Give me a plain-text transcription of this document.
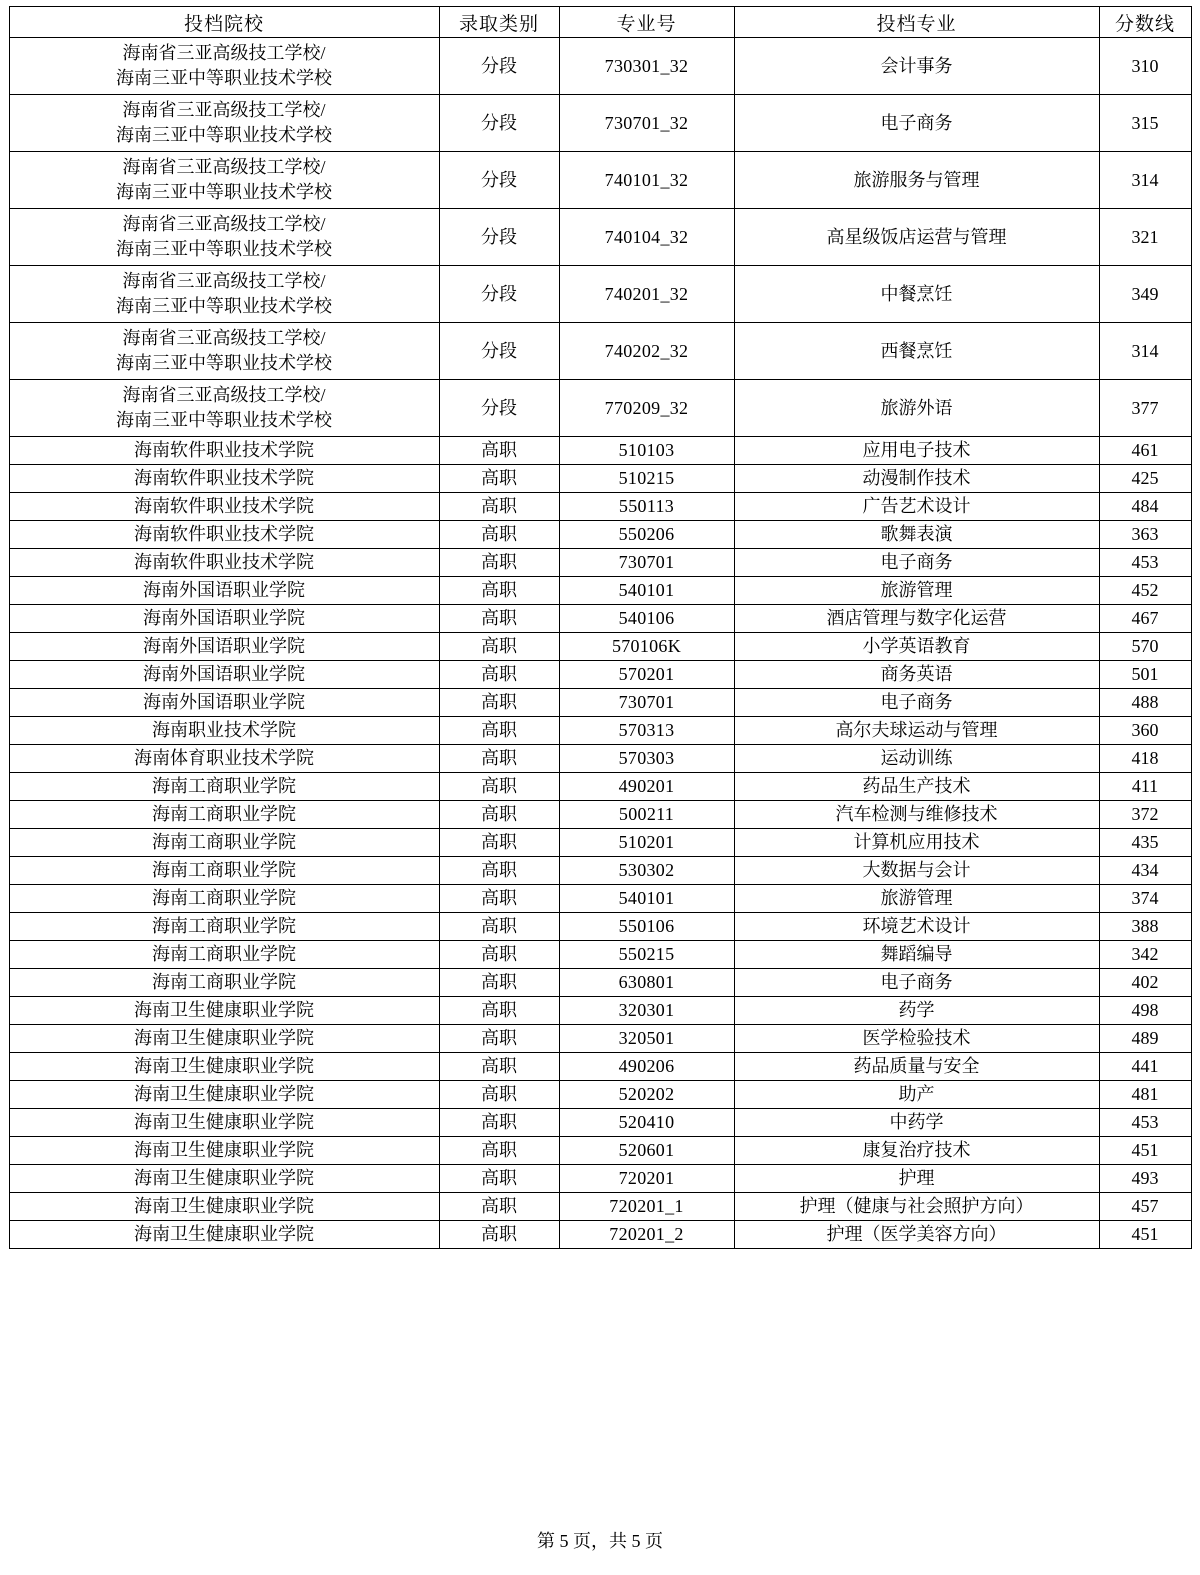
投档院校	录取类别	专业号	投档专业	分数线

海南省三亚高级技工学校/
海南三亚中等职业技术学校	分段	730301_32	会计事务	310

海南省三亚高级技工学校/
海南三亚中等职业技术学校	分段	730701_32	电子商务	315

海南省三亚高级技工学校/
海南三亚中等职业技术学校	分段	740101_32	旅游服务与管理	314

海南省三亚高级技工学校/
海南三亚中等职业技术学校	分段	740104_32	高星级饭店运营与管理	321

海南省三亚高级技工学校/
海南三亚中等职业技术学校	分段	740201_32	中餐烹饪	349

海南省三亚高级技工学校/
海南三亚中等职业技术学校	分段	740202_32	西餐烹饪	314

海南省三亚高级技工学校/
海南三亚中等职业技术学校	分段	770209_32	旅游外语	377
海南软件职业技术学院	高职	510103	应用电子技术	461
海南软件职业技术学院	高职	510215	动漫制作技术	425
海南软件职业技术学院	高职	550113	广告艺术设计	484
海南软件职业技术学院	高职	550206	歌舞表演	363
海南软件职业技术学院	高职	730701	电子商务	453
海南外国语职业学院	高职	540101	旅游管理	452
海南外国语职业学院	高职	540106	酒店管理与数字化运营	467
海南外国语职业学院	高职	570106K	小学英语教育	570
海南外国语职业学院	高职	570201	商务英语	501
海南外国语职业学院	高职	730701	电子商务	488
海南职业技术学院	高职	570313	高尔夫球运动与管理	360
海南体育职业技术学院	高职	570303	运动训练	418
海南工商职业学院	高职	490201	药品生产技术	411
海南工商职业学院	高职	500211	汽车检测与维修技术	372
海南工商职业学院	高职	510201	计算机应用技术	435
海南工商职业学院	高职	530302	大数据与会计	434
海南工商职业学院	高职	540101	旅游管理	374
海南工商职业学院	高职	550106	环境艺术设计	388
海南工商职业学院	高职	550215	舞蹈编导	342
海南工商职业学院	高职	630801	电子商务	402
海南卫生健康职业学院	高职	320301	药学	498
海南卫生健康职业学院	高职	320501	医学检验技术	489
海南卫生健康职业学院	高职	490206	药品质量与安全	441
海南卫生健康职业学院	高职	520202	助产	481
海南卫生健康职业学院	高职	520410	中药学	453
海南卫生健康职业学院	高职	520601	康复治疗技术	451
海南卫生健康职业学院	高职	720201	护理	493
海南卫生健康职业学院	高职	720201_1	护理（健康与社会照护方向）	457
海南卫生健康职业学院	高职	720201_2	护理（医学美容方向）	451
第 5 页，共 5 页
